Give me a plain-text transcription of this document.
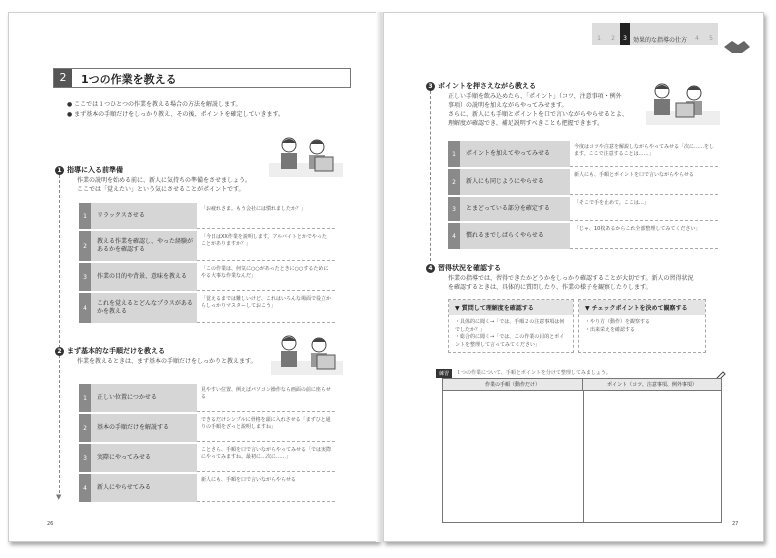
2	1つの作業を教える
● ここでは１つひとつの作業を教える場合の方法を解説します。
● まず基本の手順だけをしっかり教え、その後、ポイントを確定していきます。
1 指導に入る前準備
作業の説明を始める前に、新人に気持ちの準備をさせましょう。
ここでは「覚えたい」という気にさせることがポイントです。
1	リラックスさせる
「お疲れさま。もう会社には慣れましたか？」
2
教える作業を確認し、やった経験があるかを確認する
「今日はXX作業を説明します。アルバイトとかでやったことがありますか？」
3	作業の目的や背景、意味を教える
「この作業は、何気に○○があったときに○○するためにやる大事な作業なんだ」
4
これを覚えるとどんなプラスがあるかを教える
「覚えるまでは難しいけど、これはいろんな場面で役立からしっかりマスターしておこう」
2 まず基本的な手順だけを教える
作業を教えるときは、まず基本の手順だけをしっかりと教えます。
1	正しい位置につかせる
見やすい位置、例えばパソコン操作なら画面の前に座らせる
2	基本の手順だけを解説する
できるだけシンプルに骨格を頭に入れさせる「まずひと通りの手順をざっと説明しますね」
3	実際にやってみせる
ことさら、手順を口で言いながらやってみせる「では実際にやってみますね。最初に…次に……」
4	新人にやらせてみる
新人にも、手順を口で言いながらやらせる
▼
26
1	2	3	効果的な指導の仕方	4	5
3 ポイントを押さえながら教える
正しい手順を飲み込めたら、「ポイント」（コツ、注意事項・例外
事項）の説明を加えながらやってみせます。
さらに、新人にも手順とポイントを口で言いながらやらせるとよ、
理解度が確認でき、補足説明すべきことも把握できます。
1	ポイントを加えてやってみせる
今度はコツや注意を解説しながらやってみせる「次に……をします。ここで注意することは……」
2	新人にも同じようにやらせる
新人にも、手順とポイントを口で言いながらやらせる
3	とまどっている部分を確定する
「そこで手を止めて。ここは…」
4	慣れるまでしばらくやらせる
「じゃ、10枚あるからこれ全部整理してみてください」
4 習得状況を確認する
作業の指導では、習得できたかどうかをしっかり確認することが大切です。新人の習得状況
を確認するときは、具体的に質問したり、作業の様子を観察したりします。
▼ 質問して理解度を確認する
・具体的に聞く→「では、手順２の注意事項は何でしたか？」
・総合的に聞く→「では、この作業の目的とポイントを整理して言ってみてください」
▼ チェックポイントを決めて観察する
・やり方（動作）を観察する
・出来栄えを確認する
練習	１つの作業について、手順とポイントを分けて整理してみましょう。
作業の手順（動作だけ）	ポイント（コツ、注意事項、例外事項）
27
